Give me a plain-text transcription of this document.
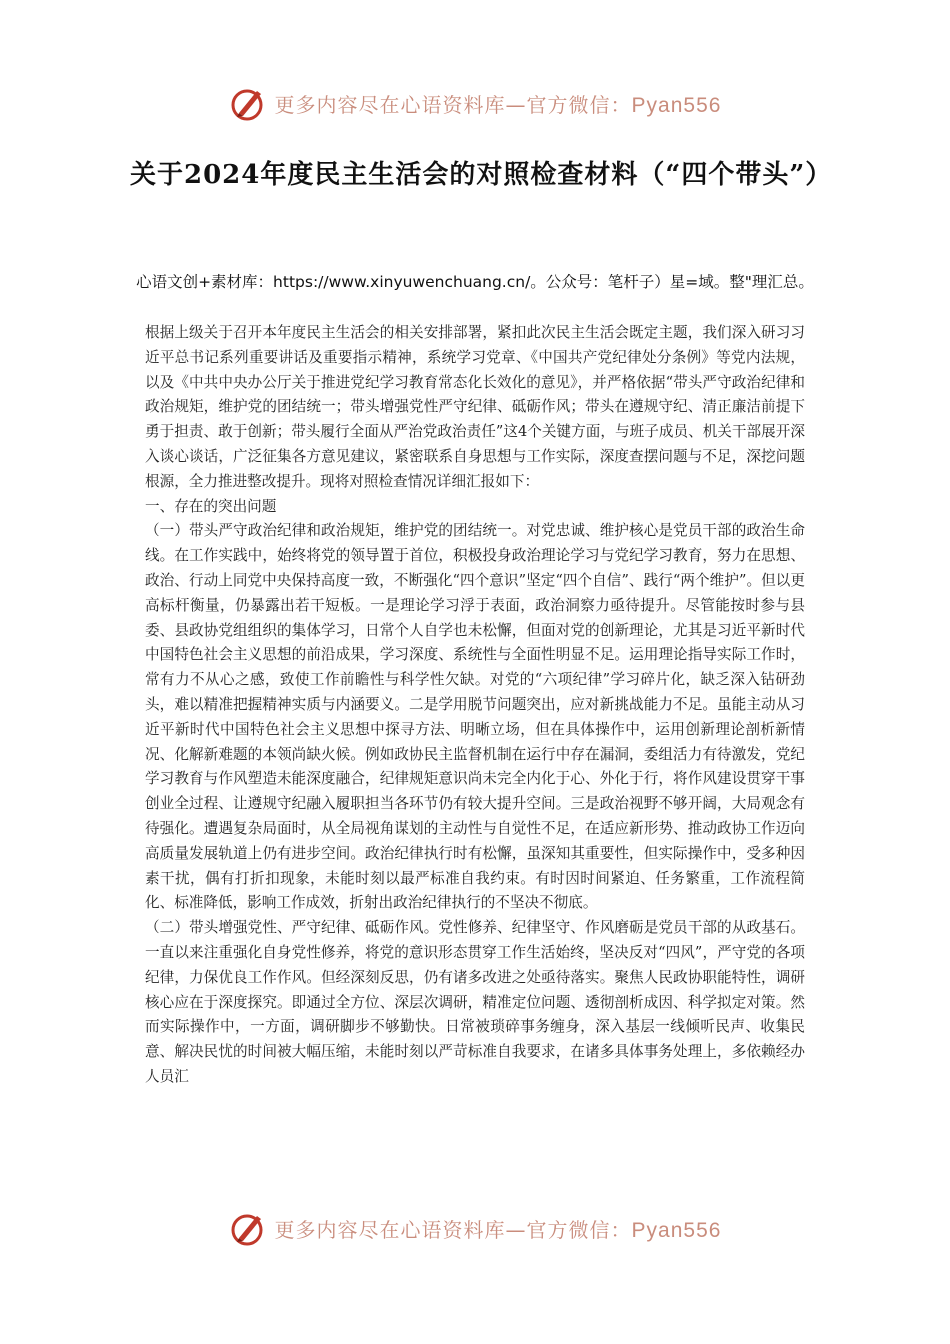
更多内容尽在心语资料库—官方微信：Pyan556
关于2024年度民主生活会的对照检查材料（“四个带头”）
心语文创+素材库：https://www.xinyuwenchuang.cn/。公众号：笔杆子）星=域。整"理汇总。

根据上级关于召开本年度民主生活会的相关安排部署，紧扣此次民主生活会既定主题，我们深入研习习近平总书记系列重要讲话及重要指示精神，系统学习党章、《中国共产党纪律处分条例》等党内法规，以及《中共中央办公厅关于推进党纪学习教育常态化长效化的意见》，并严格依据“带头严守政治纪律和政治规矩，维护党的团结统一；带头增强党性严守纪律、砥砺作风；带头在遵规守纪、清正廉洁前提下勇于担责、敢于创新；带头履行全面从严治党政治责任”这4个关键方面，与班子成员、机关干部展开深入谈心谈话，广泛征集各方意见建议，紧密联系自身思想与工作实际，深度查摆问题与不足，深挖问题根源，全力推进整改提升。现将对照检查情况详细汇报如下：

一、存在的突出问题

（一）带头严守政治纪律和政治规矩，维护党的团结统一。对党忠诚、维护核心是党员干部的政治生命线。在工作实践中，始终将党的领导置于首位，积极投身政治理论学习与党纪学习教育，努力在思想、政治、行动上同党中央保持高度一致，不断强化“四个意识”坚定“四个自信”、践行“两个维护”。但以更高标杆衡量，仍暴露出若干短板。一是理论学习浮于表面，政治洞察力亟待提升。尽管能按时参与县委、县政协党组组织的集体学习，日常个人自学也未松懈，但面对党的创新理论，尤其是习近平新时代中国特色社会主义思想的前沿成果，学习深度、系统性与全面性明显不足。运用理论指导实际工作时，常有力不从心之感，致使工作前瞻性与科学性欠缺。对党的“六项纪律”学习碎片化，缺乏深入钻研劲头，难以精准把握精神实质与内涵要义。二是学用脱节问题突出，应对新挑战能力不足。虽能主动从习近平新时代中国特色社会主义思想中探寻方法、明晰立场，但在具体操作中，运用创新理论剖析新情况、化解新难题的本领尚缺火候。例如政协民主监督机制在运行中存在漏洞，委组活力有待激发，党纪学习教育与作风塑造未能深度融合，纪律规矩意识尚未完全内化于心、外化于行，将作风建设贯穿干事创业全过程、让遵规守纪融入履职担当各环节仍有较大提升空间。三是政治视野不够开阔，大局观念有待强化。遭遇复杂局面时，从全局视角谋划的主动性与自觉性不足，在适应新形势、推动政协工作迈向高质量发展轨道上仍有进步空间。政治纪律执行时有松懈，虽深知其重要性，但实际操作中，受多种因素干扰，偶有打折扣现象，未能时刻以最严标准自我约束。有时因时间紧迫、任务繁重，工作流程简化、标准降低，影响工作成效，折射出政治纪律执行的不坚决不彻底。

（二）带头增强党性、严守纪律、砥砺作风。党性修养、纪律坚守、作风磨砺是党员干部的从政基石。一直以来注重强化自身党性修养，将党的意识形态贯穿工作生活始终，坚决反对“四风”，严守党的各项纪律，力保优良工作作风。但经深刻反思，仍有诸多改进之处亟待落实。聚焦人民政协职能特性，调研核心应在于深度探究。即通过全方位、深层次调研，精准定位问题、透彻剖析成因、科学拟定对策。然而实际操作中，一方面，调研脚步不够勤快。日常被琐碎事务缠身，深入基层一线倾听民声、收集民意、解决民忧的时间被大幅压缩，未能时刻以严苛标准自我要求，在诸多具体事务处理上，多依赖经办人员汇

更多内容尽在心语资料库—官方微信：Pyan556
